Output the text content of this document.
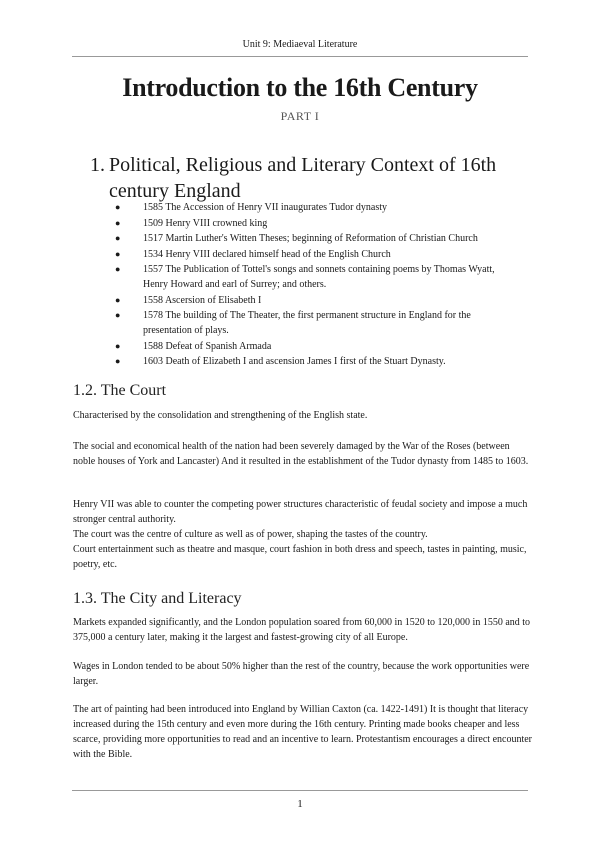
Unit 9: Mediaeval Literature
Introduction to the 16th Century
PART I
1. Political, Religious and Literary Context of 16th
century England
● 1585 The Accession of Henry VII inaugurates Tudor dynasty
● 1509 Henry VIII crowned king
● 1517 Martin Luther's Witten Theses; beginning of Reformation of Christian Church
● 1534 Henry VIII declared himself head of the English Church
● 1557 The Publication of Tottel's songs and sonnets containing poems by Thomas Wyatt, Henry Howard and earl of Surrey; and others.
● 1558 Ascersion of Elisabeth I
● 1578 The building of The Theater, the first permanent structure in England for the presentation of plays.
● 1588 Defeat of Spanish Armada
● 1603 Death of Elizabeth I and ascension James I first of the Stuart Dynasty.
1.2. The Court

Characterised by the consolidation and strengthening of the English state.

The social and economical health of the nation had been severely damaged by the War of the Roses (between noble houses of York and Lancaster) And it resulted in the establishment of the Tudor dynasty from 1485 to 1603.

Henry VII was able to counter the competing power structures characteristic of feudal society and impose a much stronger central authority.

The court was the centre of culture as well as of power, shaping the tastes of the country.

Court entertainment such as theatre and masque, court fashion in both dress and speech, tastes in painting, music, poetry, etc.

1.3. The City and Literacy

Markets expanded significantly, and the London population soared from 60,000 in 1520 to 120,000 in 1550 and to 375,000 a century later, making it the largest and fastest-growing city of all Europe.

Wages in London tended to be about 50% higher than the rest of the country, because the work opportunities were larger.

The art of painting had been introduced into England by Willian Caxton (ca. 1422-1491) It is thought that literacy increased during the 15th century and even more during the 16th century. Printing made books cheaper and less scarce, providing more opportunities to read and an incentive to learn. Protestantism encourages a direct encounter with the Bible.

1
